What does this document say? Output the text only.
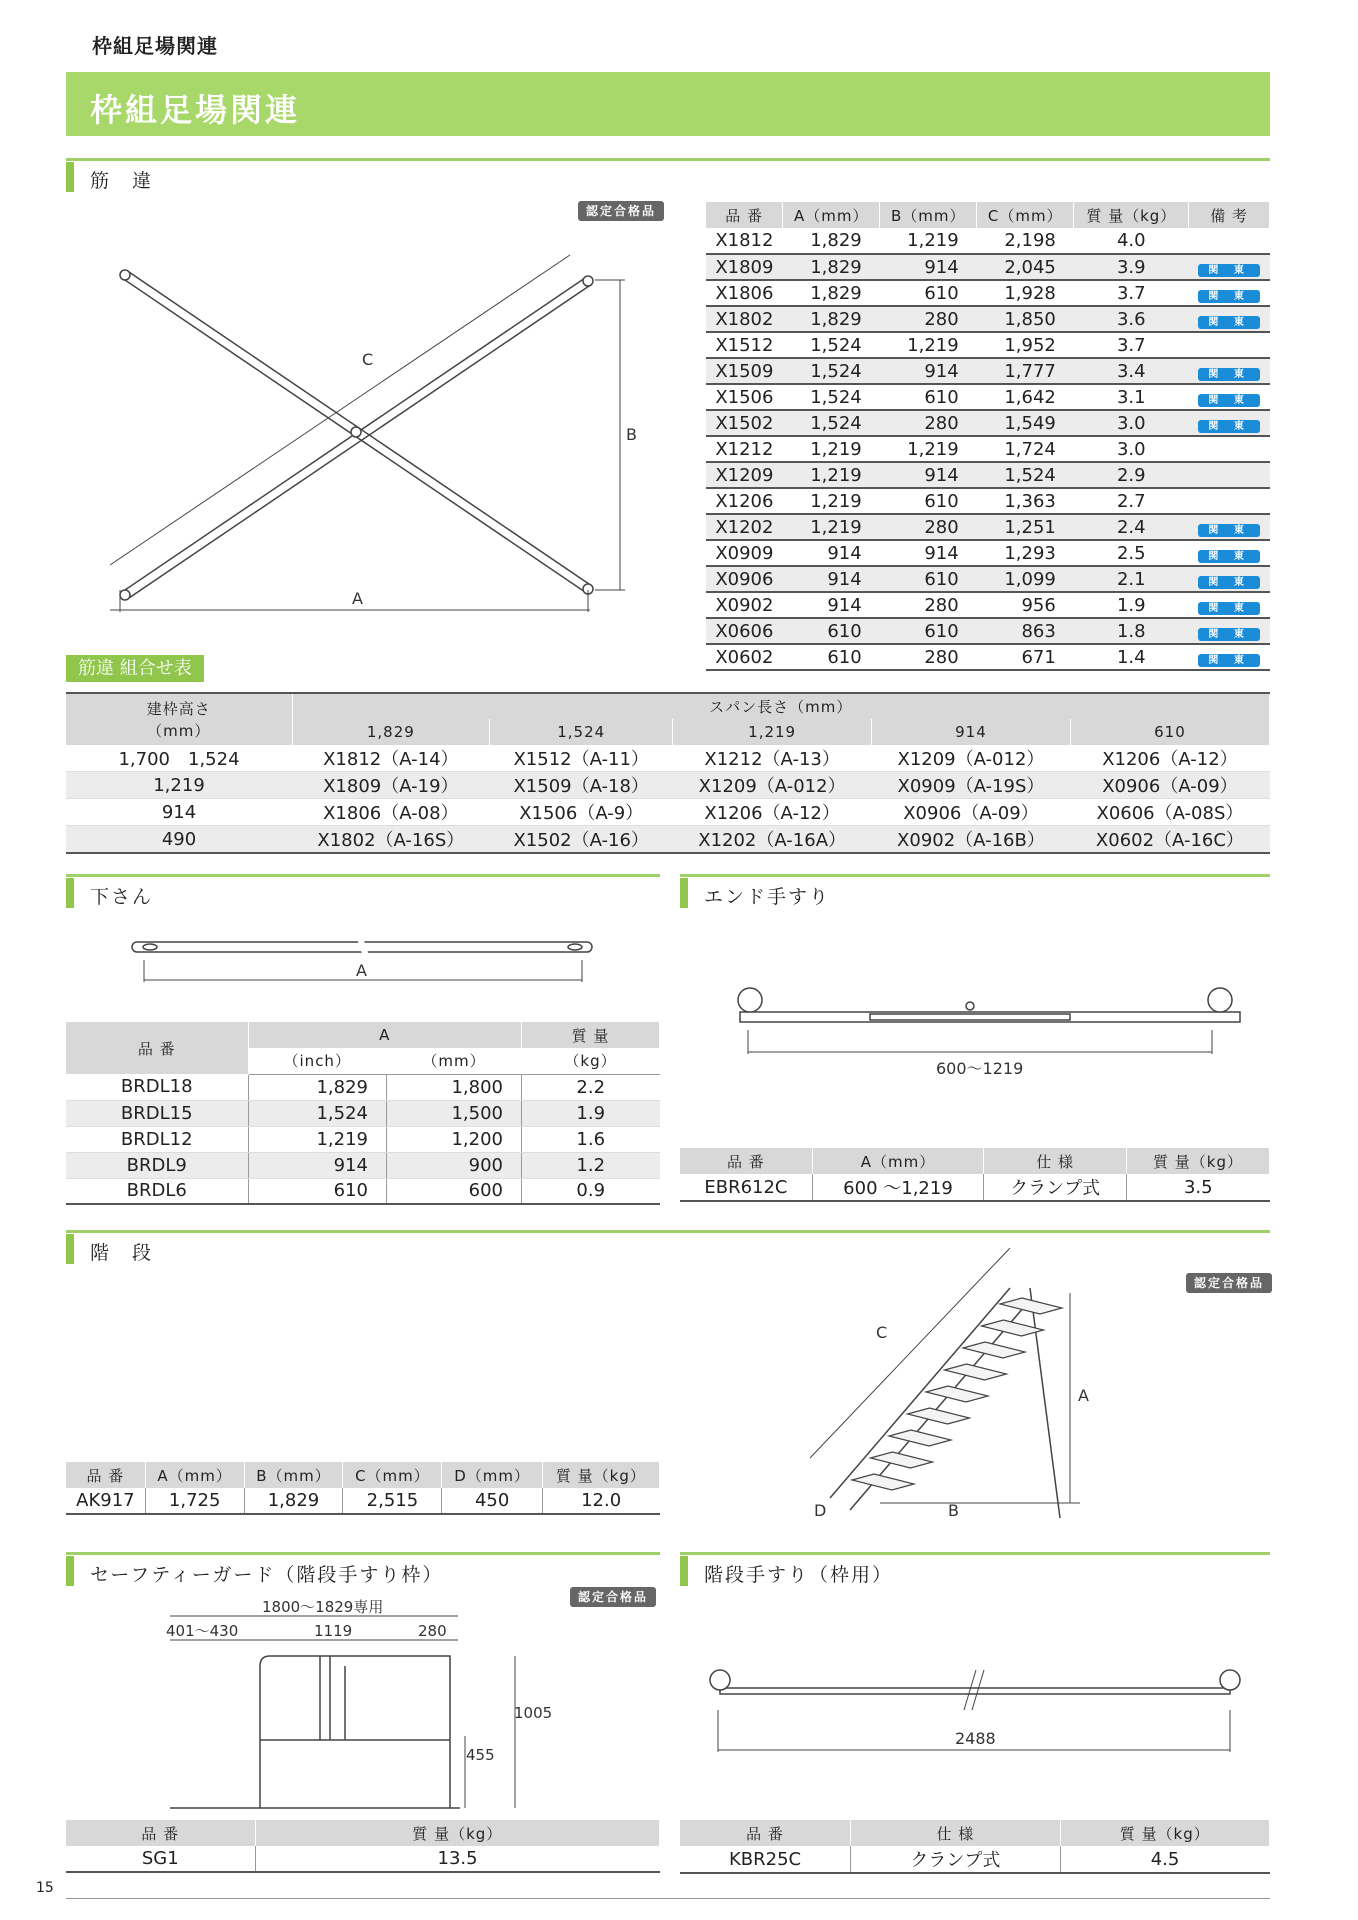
枠組足場関連
枠組足場関連
筋　違
認定合格品
A
B
C
品 番	A（mm）	B（mm）	C（mm）	質 量（kg）	備 考
X1812	1,829	1,219	2,198	4.0	
X1809	1,829	914	2,045	3.9	関 東
X1806	1,829	610	1,928	3.7	関 東
X1802	1,829	280	1,850	3.6	関 東
X1512	1,524	1,219	1,952	3.7	
X1509	1,524	914	1,777	3.4	関 東
X1506	1,524	610	1,642	3.1	関 東
X1502	1,524	280	1,549	3.0	関 東
X1212	1,219	1,219	1,724	3.0	
X1209	1,219	914	1,524	2.9	
X1206	1,219	610	1,363	2.7	
X1202	1,219	280	1,251	2.4	関 東
X0909	914	914	1,293	2.5	関 東
X0906	914	610	1,099	2.1	関 東
X0902	914	280	956	1.9	関 東
X0606	610	610	863	1.8	関 東
X0602	610	280	671	1.4	関 東
筋違 組合せ表
建枠高さ
（mm）	スパン長さ（mm）				
	1,829	1,524	1,219	914	610
1,700　1,524	X1812（A-14）	X1512（A-11）	X1212（A-13）	X1209（A-012）	X1206（A-12）
1,219	X1809（A-19）	X1509（A-18）	X1209（A-012）	X0909（A-19S）	X0906（A-09）
914	X1806（A-08）	X1506（A-9）	X1206（A-12）	X0906（A-09）	X0606（A-08S）
490	X1802（A-16S）	X1502（A-16）	X1202（A-16A）	X0902（A-16B）	X0602（A-16C）
下さん
A
品 番	A		質 量
	（inch）	（mm）	（kg）
BRDL18	1,829	1,800	2.2
BRDL15	1,524	1,500	1.9
BRDL12	1,219	1,200	1.6
BRDL9	914	900	1.2
BRDL6	610	600	0.9
エンド手すり
600〜1219
品 番	A（mm）	仕 様	質 量（kg）
EBR612C	600 〜1,219	クランプ式	3.5
階　段
認定合格品
C
A
B
D
品 番	A（mm）	B（mm）	C（mm）	D（mm）	質 量（kg）
AK917	1,725	1,829	2,515	450	12.0
セーフティーガード（階段手すり枠）
認定合格品
1800〜1829専用
401〜430	1119	280
1005
455
品 番	質 量（kg）
SG1	13.5
階段手すり（枠用）
2488
品 番	仕 様	質 量（kg）
KBR25C	クランプ式	4.5
15
